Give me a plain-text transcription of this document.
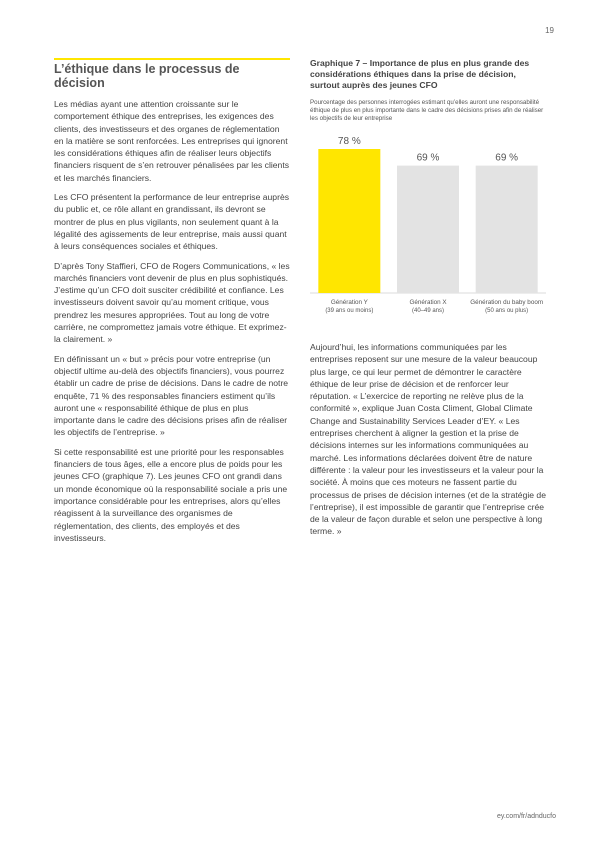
19
L’éthique dans le processus de décision

Les médias ayant une attention croissante sur le comportement éthique des entreprises, les exigences des clients, des investisseurs et des organes de réglementation en la matière se sont renforcées. Les entreprises qui ignorent les considérations éthiques afin de réaliser leurs objectifs financiers risquent de s’en retrouver pénalisées par les clients et les marchés financiers.

Les CFO présentent la performance de leur entreprise auprès du public et, ce rôle allant en grandissant, ils devront se montrer de plus en plus vigilants, non seulement quant à la légalité des agissements de leur entreprise, mais aussi quant à leurs conséquences sociales et éthiques.

D’après Tony Staffieri, CFO de Rogers Communications, « les marchés financiers vont devenir de plus en plus sophistiqués. J’estime qu’un CFO doit susciter crédibilité et confiance. Les investisseurs doivent savoir qu’au moment critique, vous prendrez les mesures appropriées. Tout au long de votre carrière, ne compromettez jamais votre éthique. Et exprimez-la clairement. »

En définissant un « but » précis pour votre entreprise (un objectif ultime au-delà des objectifs financiers), vous pourrez établir un cadre de prise de décisions. Dans le cadre de notre enquête, 71 % des responsables financiers estiment qu’ils auront une « responsabilité éthique de plus en plus importante dans le cadre des décisions prises afin de réaliser les objectifs de l’entreprise. »

Si cette responsabilité est une priorité pour les responsables financiers de tous âges, elle a encore plus de poids pour les jeunes CFO (graphique 7). Les jeunes CFO ont grandi dans un monde économique où la responsabilité sociale a pris une importance considérable pour les entreprises, alors qu’elles réagissent à la surveillance des organismes de réglementation, des clients, des employés et des investisseurs.

Graphique 7 – Importance de plus en plus grande des considérations éthiques dans la prise de décision, surtout auprès des jeunes CFO
Pourcentage des personnes interrogées estimant qu’elles auront une responsabilité éthique de plus en plus importante dans le cadre des décisions prises afin de réaliser les objectifs de leur entreprise
78 %
Génération Y
(39 ans ou moins)
69 %
Génération X
(40–49 ans)
69 %
Génération du baby boom
(50 ans ou plus)

Aujourd’hui, les informations communiquées par les entreprises reposent sur une mesure de la valeur beaucoup plus large, ce qui leur permet de démontrer le caractère éthique de leur prise de décision et de renforcer leur réputation. « L’exercice de reporting ne relève plus de la conformité », explique Juan Costa Climent, Global Climate Change and Sustainability Services Leader d’EY. « Les entreprises cherchent à aligner la gestion et la prise de décisions internes sur les informations communiquées au marché. Les informations déclarées doivent être de nature différente : la valeur pour les investisseurs et la valeur pour la société. À moins que ces moteurs ne fassent partie du processus de prises de décision internes (et de la stratégie de l’entreprise), il est impossible de garantir que l’entreprise crée de la valeur de façon durable et selon une perspective à long terme. »

ey.com/fr/adnducfo
